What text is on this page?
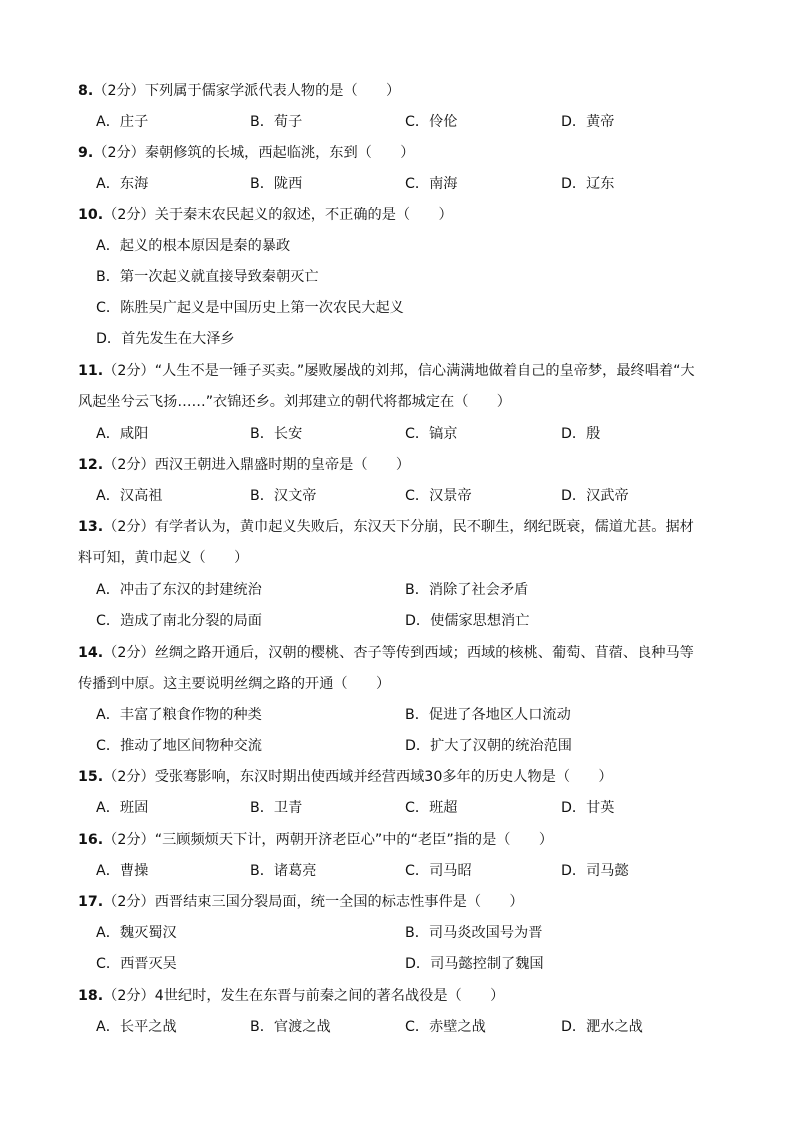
8.（2分）下列属于儒家学派代表人物的是（　　）
A．庄子	B．荀子	C．伶伦	D．黄帝
9.（2分）秦朝修筑的长城，西起临洮，东到（　　）
A．东海	B．陇西	C．南海	D．辽东
10.（2分）关于秦末农民起义的叙述，不正确的是（　　）
A．起义的根本原因是秦的暴政
B．第一次起义就直接导致秦朝灭亡
C．陈胜吴广起义是中国历史上第一次农民大起义
D．首先发生在大泽乡
11.（2分）“人生不是一锤子买卖。”屡败屡战的刘邦，信心满满地做着自己的皇帝梦，最终唱着“大
风起坐兮云飞扬……”衣锦还乡。刘邦建立的朝代将都城定在（　　）
A．咸阳	B．长安	C．镐京	D．殷
12.（2分）西汉王朝进入鼎盛时期的皇帝是（　　）
A．汉高祖	B．汉文帝	C．汉景帝	D．汉武帝
13.（2分）有学者认为，黄巾起义失败后，东汉天下分崩，民不聊生，纲纪既衰，儒道尤甚。据材
料可知，黄巾起义（　　）
A．冲击了东汉的封建统治	B．消除了社会矛盾
C．造成了南北分裂的局面	D．使儒家思想消亡
14.（2分）丝绸之路开通后，汉朝的樱桃、杏子等传到西域；西域的核桃、葡萄、苜蓿、良种马等
传播到中原。这主要说明丝绸之路的开通（　　）
A．丰富了粮食作物的种类	B．促进了各地区人口流动
C．推动了地区间物种交流	D．扩大了汉朝的统治范围
15.（2分）受张骞影响，东汉时期出使西域并经营西域30多年的历史人物是（　　）
A．班固	B．卫青	C．班超	D．甘英
16.（2分）“三顾频烦天下计，两朝开济老臣心”中的“老臣”指的是（　　）
A．曹操	B．诸葛亮	C．司马昭	D．司马懿
17.（2分）西晋结束三国分裂局面，统一全国的标志性事件是（　　）
A．魏灭蜀汉	B．司马炎改国号为晋
C．西晋灭吴	D．司马懿控制了魏国
18.（2分）4世纪时，发生在东晋与前秦之间的著名战役是（　　）
A．长平之战	B．官渡之战	C．赤壁之战	D．淝水之战
